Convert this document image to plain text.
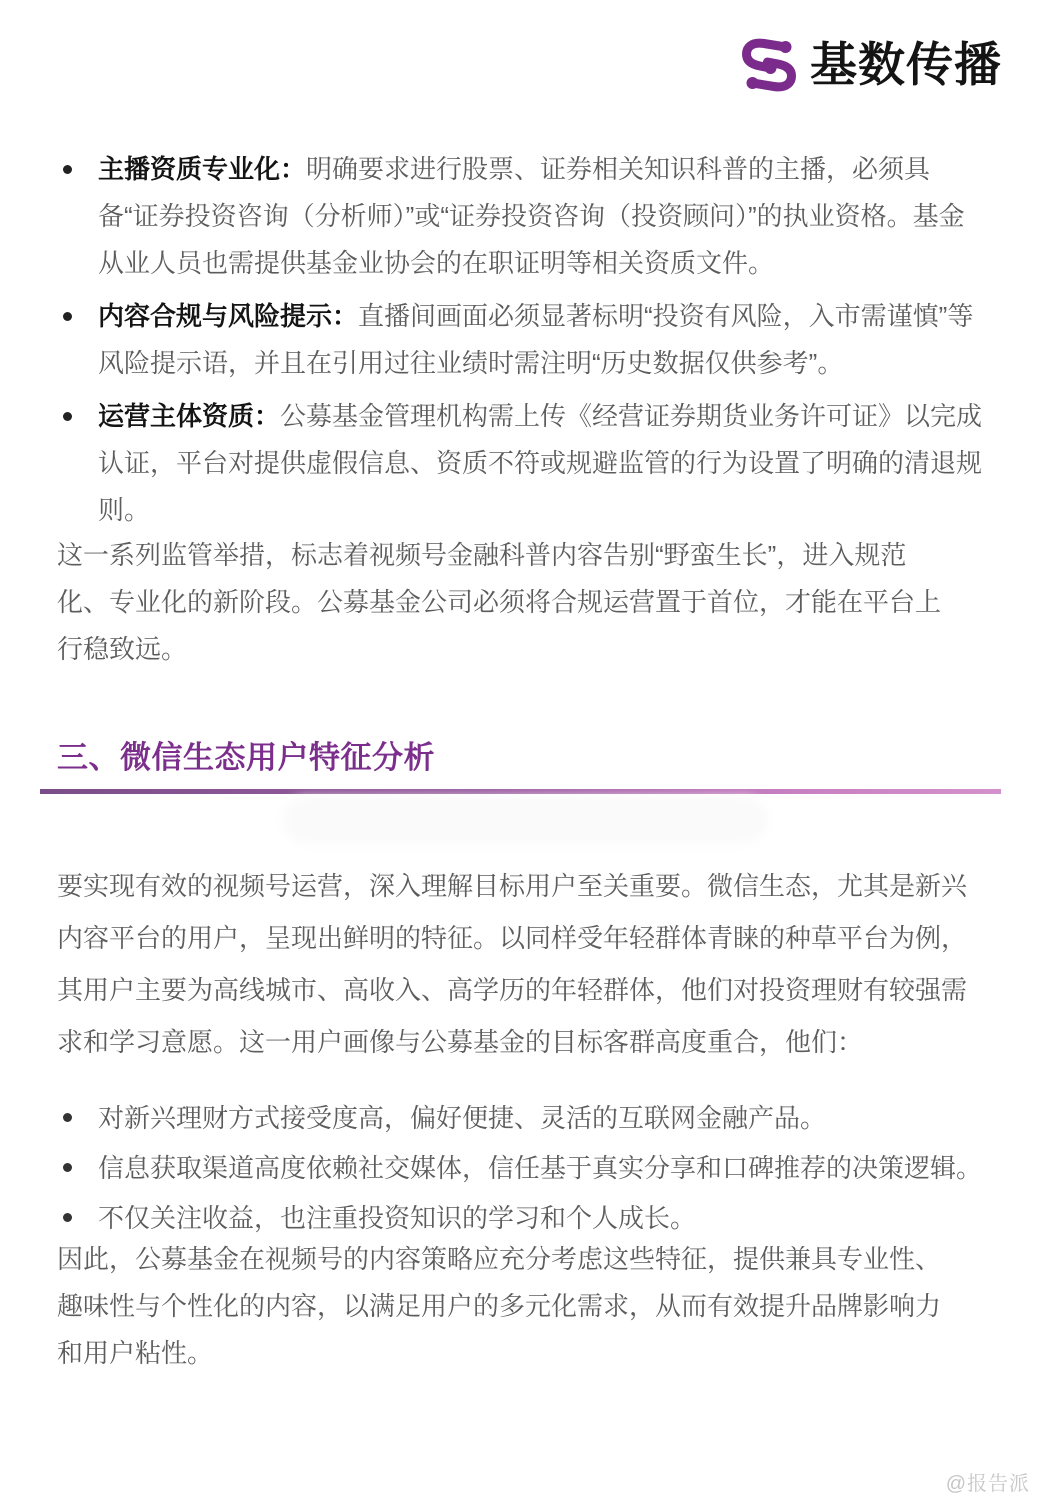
基数传播
主播资质专业化：明确要求进行股票、证券相关知识科普的主播，必须具备“证券投资咨询（分析师）”或“证券投资咨询（投资顾问）”的执业资格。基金从业人员也需提供基金业协会的在职证明等相关资质文件。
内容合规与风险提示：直播间画面必须显著标明“投资有风险，入市需谨慎”等风险提示语，并且在引用过往业绩时需注明“历史数据仅供参考”。
运营主体资质：公募基金管理机构需上传《经营证券期货业务许可证》以完成认证，平台对提供虚假信息、资质不符或规避监管的行为设置了明确的清退规则。

这一系列监管举措，标志着视频号金融科普内容告别“野蛮生长”，进入规范化、专业化的新阶段。公募基金公司必须将合规运营置于首位，才能在平台上行稳致远。

三、微信生态用户特征分析

要实现有效的视频号运营，深入理解目标用户至关重要。微信生态，尤其是新兴内容平台的用户，呈现出鲜明的特征。以同样受年轻群体青睐的种草平台为例，其用户主要为高线城市、高收入、高学历的年轻群体，他们对投资理财有较强需求和学习意愿。这一用户画像与公募基金的目标客群高度重合，他们：

对新兴理财方式接受度高，偏好便捷、灵活的互联网金融产品。
信息获取渠道高度依赖社交媒体，信任基于真实分享和口碑推荐的决策逻辑。
不仅关注收益，也注重投资知识的学习和个人成长。

因此，公募基金在视频号的内容策略应充分考虑这些特征，提供兼具专业性、趣味性与个性化的内容，以满足用户的多元化需求，从而有效提升品牌影响力和用户粘性。

@报告派
